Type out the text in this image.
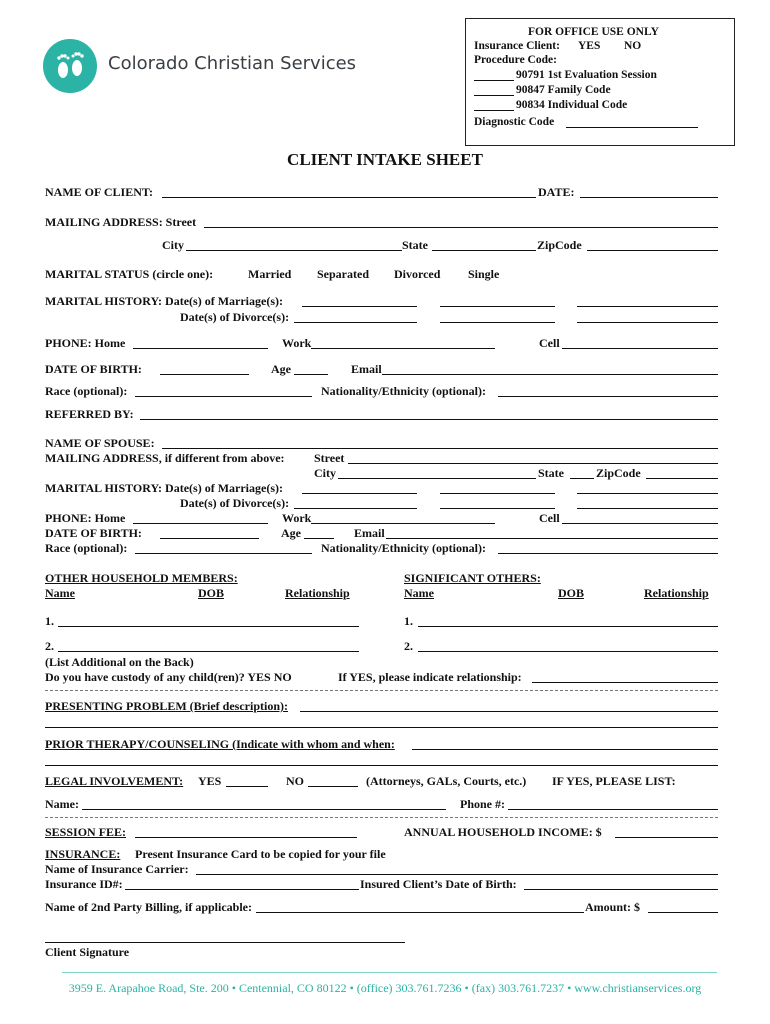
Colorado Christian Services
FOR OFFICE USE ONLY
Insurance Client: YES NO
Procedure Code:
90791 1st Evaluation Session
90847 Family Code
90834 Individual Code
Diagnostic Code
CLIENT INTAKE SHEET
NAME OF CLIENT:	DATE:
MAILING ADDRESS: Street
City	State	ZipCode
MARITAL STATUS (circle one):	Married Separated Divorced Single
MARITAL HISTORY: Date(s) of Marriage(s):
Date(s) of Divorce(s):
PHONE: Home	Work	Cell
DATE OF BIRTH:	Age	Email
Race (optional):	Nationality/Ethnicity (optional):
REFERRED BY:
NAME OF SPOUSE:
MAILING ADDRESS, if different from above: Street
City	State	ZipCode
MARITAL HISTORY: Date(s) of Marriage(s):
Date(s) of Divorce(s):
PHONE: Home	Work	Cell
DATE OF BIRTH:	Age	Email
Race (optional):	Nationality/Ethnicity (optional):
OTHER HOUSEHOLD MEMBERS:
Name	DOB	Relationship
SIGNIFICANT OTHERS:
Name	DOB	Relationship
1.	1.
2.	2.
(List Additional on the Back)
Do you have custody of any child(ren)? YES NO	If YES, please indicate relationship:
PRESENTING PROBLEM (Brief description):
PRIOR THERAPY/COUNSELING (Indicate with whom and when:
LEGAL INVOLVEMENT: YES	NO	(Attorneys, GALs, Courts, etc.) IF YES, PLEASE LIST:
Name:	Phone #:
SESSION FEE:	ANNUAL HOUSEHOLD INCOME: $
INSURANCE: Present Insurance Card to be copied for your file
Name of Insurance Carrier:
Insurance ID#:	Insured Client’s Date of Birth:
Name of 2nd Party Billing, if applicable:	Amount: $
Client Signature
3959 E. Arapahoe Road, Ste. 200 • Centennial, CO 80122 • (office) 303.761.7236 • (fax) 303.761.7237 • www.christianservices.org
